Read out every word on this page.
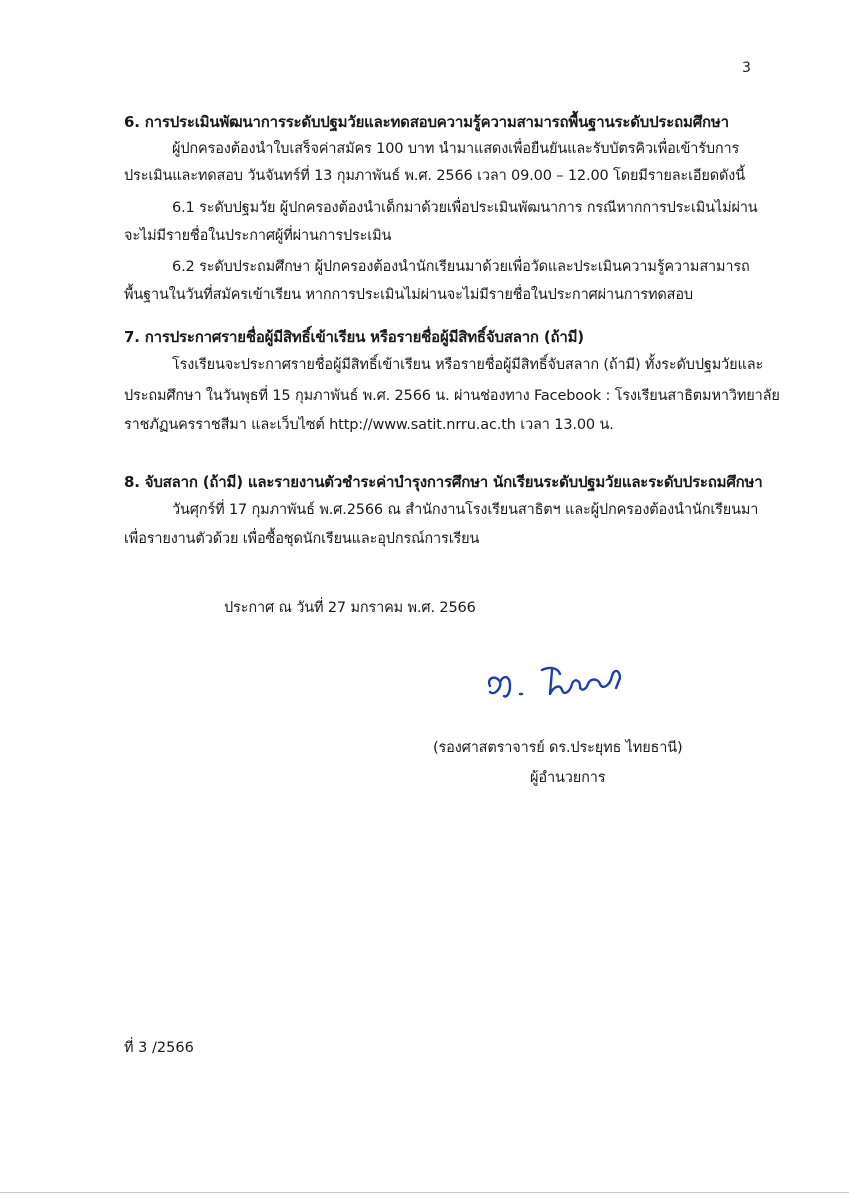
3
6. การประเมินพัฒนาการระดับปฐมวัยและทดสอบความรู้ความสามารถพื้นฐานระดับประถมศึกษา
ผู้ปกครองต้องนำใบเสร็จค่าสมัคร 100 บาท นำมาแสดงเพื่อยืนยันและรับบัตรคิวเพื่อเข้ารับการ
ประเมินและทดสอบ วันจันทร์ที่ 13 กุมภาพันธ์ พ.ศ. 2566 เวลา 09.00 – 12.00 โดยมีรายละเอียดดังนี้
6.1 ระดับปฐมวัย ผู้ปกครองต้องนำเด็กมาด้วยเพื่อประเมินพัฒนาการ กรณีหากการประเมินไม่ผ่าน
จะไม่มีรายชื่อในประกาศผู้ที่ผ่านการประเมิน
6.2 ระดับประถมศึกษา ผู้ปกครองต้องนำนักเรียนมาด้วยเพื่อวัดและประเมินความรู้ความสามารถ
พื้นฐานในวันที่สมัครเข้าเรียน หากการประเมินไม่ผ่านจะไม่มีรายชื่อในประกาศผ่านการทดสอบ
7. การประกาศรายชื่อผู้มีสิทธิ์เข้าเรียน หรือรายชื่อผู้มีสิทธิ์จับสลาก (ถ้ามี)
โรงเรียนจะประกาศรายชื่อผู้มีสิทธิ์เข้าเรียน หรือรายชื่อผู้มีสิทธิ์จับสลาก (ถ้ามี) ทั้งระดับปฐมวัยและ
ประถมศึกษา ในวันพุธที่ 15 กุมภาพันธ์ พ.ศ. 2566 น. ผ่านช่องทาง Facebook : โรงเรียนสาธิตมหาวิทยาลัย
ราชภัฏนครราชสีมา และเว็บไซต์ http://www.satit.nrru.ac.th เวลา 13.00 น.
8. จับสลาก (ถ้ามี) และรายงานตัวชำระค่าบำรุงการศึกษา นักเรียนระดับปฐมวัยและระดับประถมศึกษา
วันศุกร์ที่ 17 กุมภาพันธ์ พ.ศ.2566 ณ สำนักงานโรงเรียนสาธิตฯ และผู้ปกครองต้องนำนักเรียนมา
เพื่อรายงานตัวด้วย เพื่อซื้อชุดนักเรียนและอุปกรณ์การเรียน
ประกาศ ณ วันที่ 27 มกราคม พ.ศ. 2566
(รองศาสตราจารย์ ดร.ประยุทธ ไทยธานี)
ผู้อำนวยการ
ที่ 3 /2566
